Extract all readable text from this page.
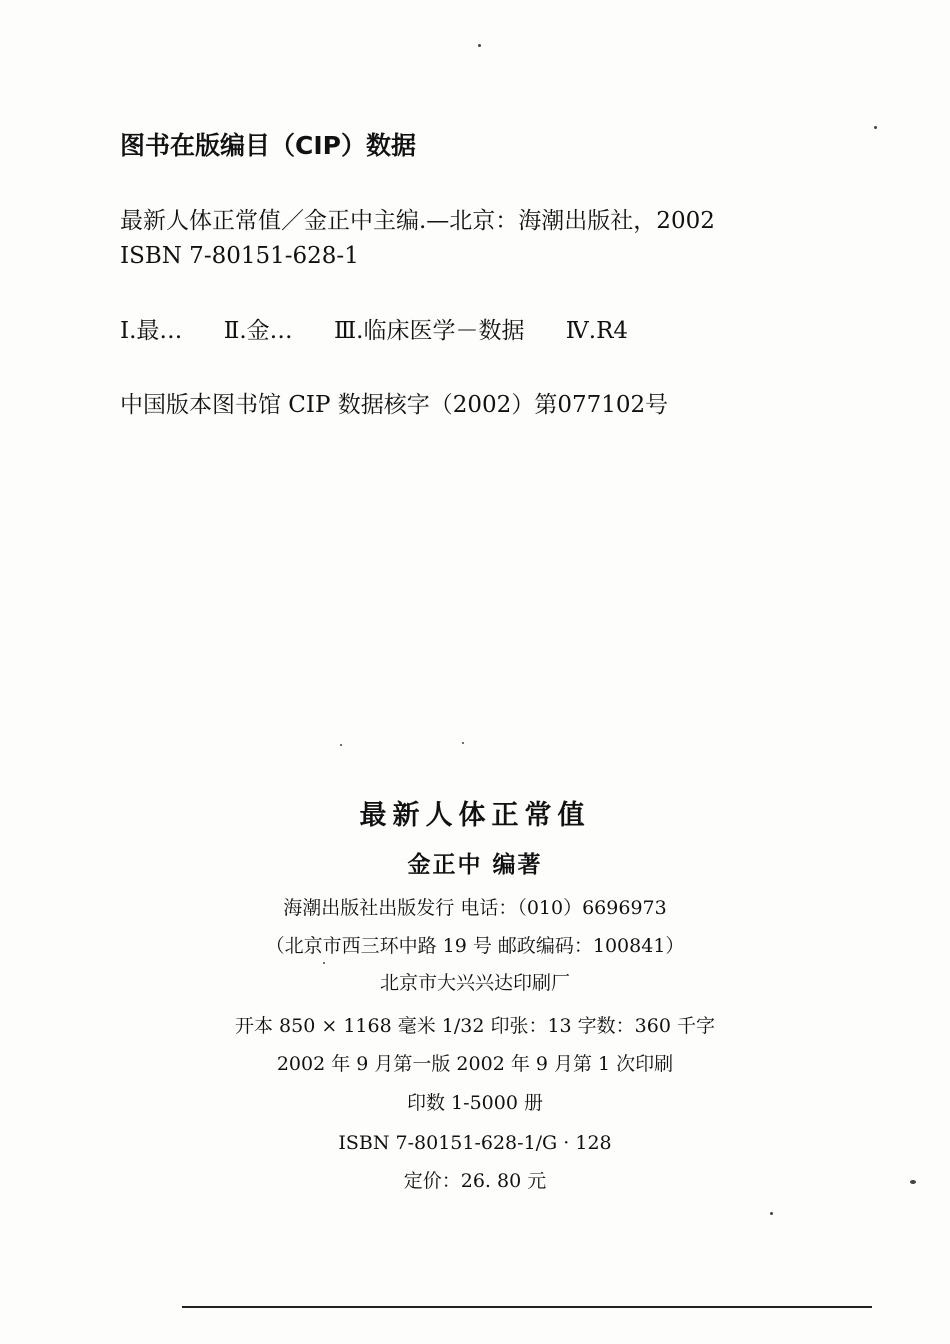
图书在版编目（CIP）数据
最新人体正常值／金正中主编.—北京：海潮出版社，2002
ISBN 7-80151-628-1
Ⅰ.最… Ⅱ.金… Ⅲ.临床医学－数据 Ⅳ.R4
中国版本图书馆 CIP 数据核字（2002）第077102号
最新人体正常值
金正中 编著
海潮出版社出版发行 电话：（010）6696973
（北京市西三环中路 19 号 邮政编码：100841）
北京市大兴兴达印刷厂
开本 850 × 1168 毫米 1/32 印张：13 字数：360 千字
2002 年 9 月第一版 2002 年 9 月第 1 次印刷
印数 1-5000 册
ISBN 7-80151-628-1/G · 128
定价：26. 80 元
